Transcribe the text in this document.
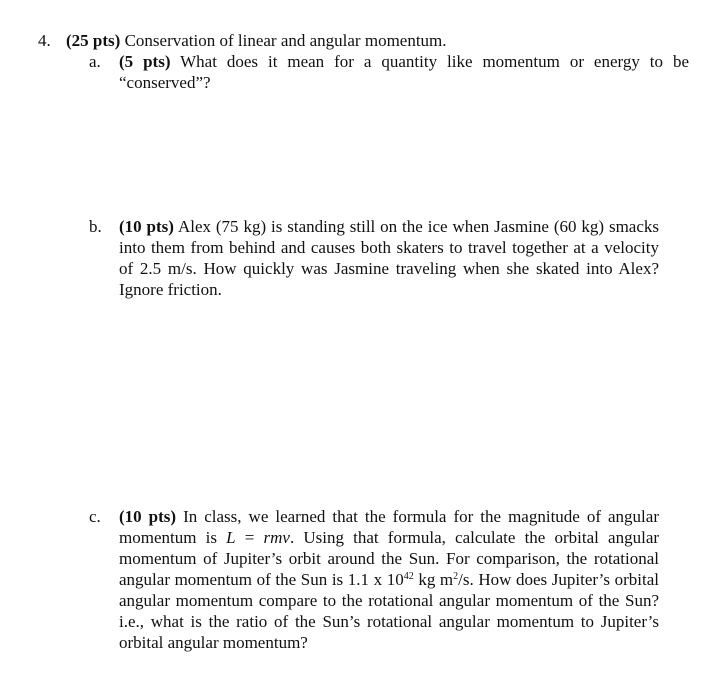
4. (25 pts) Conservation of linear and angular momentum.
a.	(5 pts) What does it mean for a quantity like momentum or energy to be “conserved”?
b.	(10 pts) Alex (75 kg) is standing still on the ice when Jasmine (60 kg) smacks into them from behind and causes both skaters to travel together at a velocity of 2.5 m/s. How quickly was Jasmine traveling when she skated into Alex? Ignore friction.
c.	(10 pts) In class, we learned that the formula for the magnitude of angular momentum is L = rmv. Using that formula, calculate the orbital angular momentum of Jupiter’s orbit around the Sun. For comparison, the rotational angular momentum of the Sun is 1.1 x $10^{42}$ kg $m^2/s$. How does Jupiter’s orbital angular momentum compare to the rotational angular momentum of the Sun? i.e., what is the ratio of the Sun’s rotational angular momentum to Jupiter’s orbital angular momentum?
